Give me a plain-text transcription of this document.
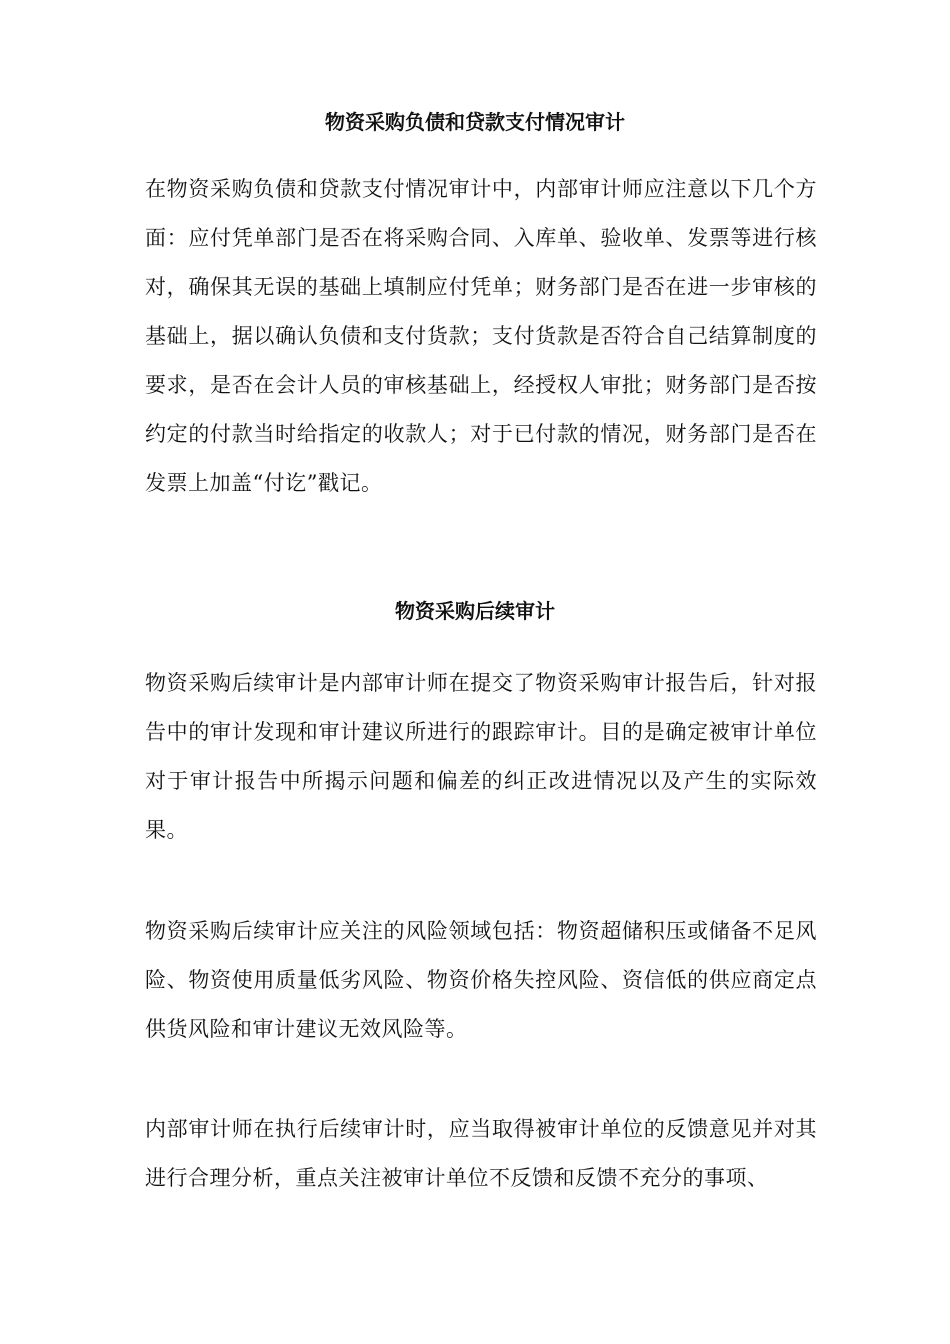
物资采购负债和贷款支付情况审计

在物资采购负债和贷款支付情况审计中，内部审计师应注意以下几个方面：应付凭单部门是否在将采购合同、入库单、验收单、发票等进行核对，确保其无误的基础上填制应付凭单；财务部门是否在进一步审核的基础上，据以确认负债和支付货款；支付货款是否符合自己结算制度的要求，是否在会计人员的审核基础上，经授权人审批；财务部门是否按约定的付款当时给指定的收款人；对于已付款的情况，财务部门是否在发票上加盖“付讫”戳记。

物资采购后续审计

物资采购后续审计是内部审计师在提交了物资采购审计报告后，针对报告中的审计发现和审计建议所进行的跟踪审计。目的是确定被审计单位对于审计报告中所揭示问题和偏差的纠正改进情况以及产生的实际效果。

物资采购后续审计应关注的风险领域包括：物资超储积压或储备不足风险、物资使用质量低劣风险、物资价格失控风险、资信低的供应商定点供货风险和审计建议无效风险等。

内部审计师在执行后续审计时，应当取得被审计单位的反馈意见并对其进行合理分析，重点关注被审计单位不反馈和反馈不充分的事项、
